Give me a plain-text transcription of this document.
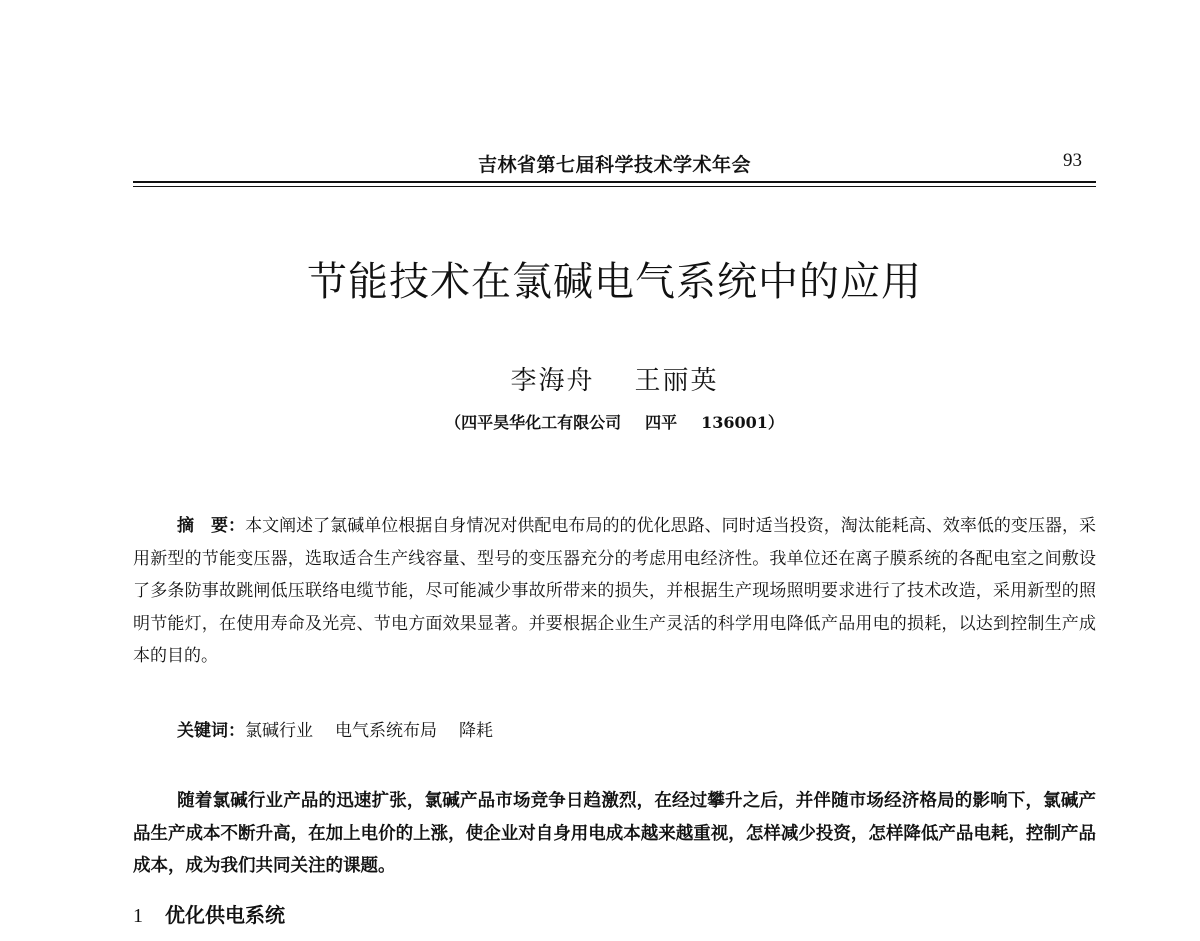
吉林省第七届科学技术学术年会	93
节能技术在氯碱电气系统中的应用
李海舟 王丽英
（四平昊华化工有限公司 四平 136001）
摘　要：本文阐述了氯碱单位根据自身情况对供配电布局的的优化思路、同时适当投资，淘汰能耗高、效率低的变压器，采用新型的节能变压器，选取适合生产线容量、型号的变压器充分的考虑用电经济性。我单位还在离子膜系统的各配电室之间敷设了多条防事故跳闸低压联络电缆节能，尽可能减少事故所带来的损失，并根据生产现场照明要求进行了技术改造，采用新型的照明节能灯，在使用寿命及光亮、节电方面效果显著。并要根据企业生产灵活的科学用电降低产品用电的损耗，以达到控制生产成本的目的。
关键词：氯碱行业 电气系统布局 降耗
随着氯碱行业产品的迅速扩张，氯碱产品市场竞争日趋激烈，在经过攀升之后，并伴随市场经济格局的影响下，氯碱产品生产成本不断升高，在加上电价的上涨，使企业对自身用电成本越来越重视，怎样减少投资，怎样降低产品电耗，控制产品成本，成为我们共同关注的课题。
1 优化供电系统
